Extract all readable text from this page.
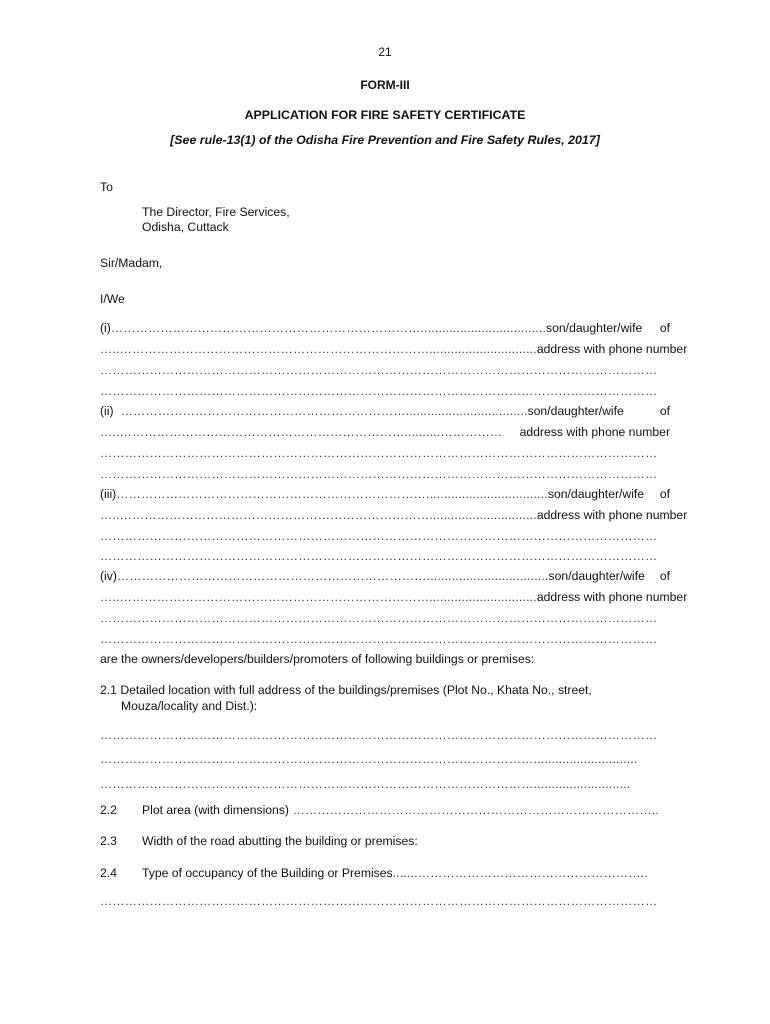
21
FORM-III
APPLICATION FOR FIRE SAFETY CERTIFICATE
[See rule-13(1) of the Odisha Fire Prevention and Fire Safety Rules, 2017]
To
The Director, Fire Services,
Odisha, Cuttack
Sir/Madam,
I/We
(i)…………………………………………………………………...................................son/daughter/wife of
…..………………………………………………………………….............................. address with phone number
………………………………………………………………………………………………………………………
………………………………………………………………………………………………………………………
(ii)  ……………………………………………………………..................................son/daughter/wife	of
…..……………………………………………………………..........…………… address with phone number
………………………………………………………………………………………………………………………
………………………………………………………………………………………………………………………
(iii)…………………………………………………………………..................................son/daughter/wife of
…..………………………………………………………………….............................. address with phone number
………………………………………………………………………………………………………………………
………………………………………………………………………………………………………………………
(iv)…………………………………………………………………..................................son/daughter/wife of
…..………………………………………………………………….............................. address with phone number
………………………………………………………………………………………………………………………
………………………………………………………………………………………………………………………
are the owners/developers/builders/promoters of following buildings or premises:
2.1 Detailed location with full address of the buildings/premises (Plot No., Khata No., street,
Mouza/locality and Dist.):
………………………………………………………………………………………………………………………
…………………………………………………………………………………………….............................
……………………………………………………………………………………………...........................
2.2 Plot area (with dimensions) ……………………………………………………………………………..
2.3 Width of the road abutting the building or premises:
2.4 Type of occupancy of the Building or Premises.......………………………………………………..
………………………………………………………………………………………………………………………
